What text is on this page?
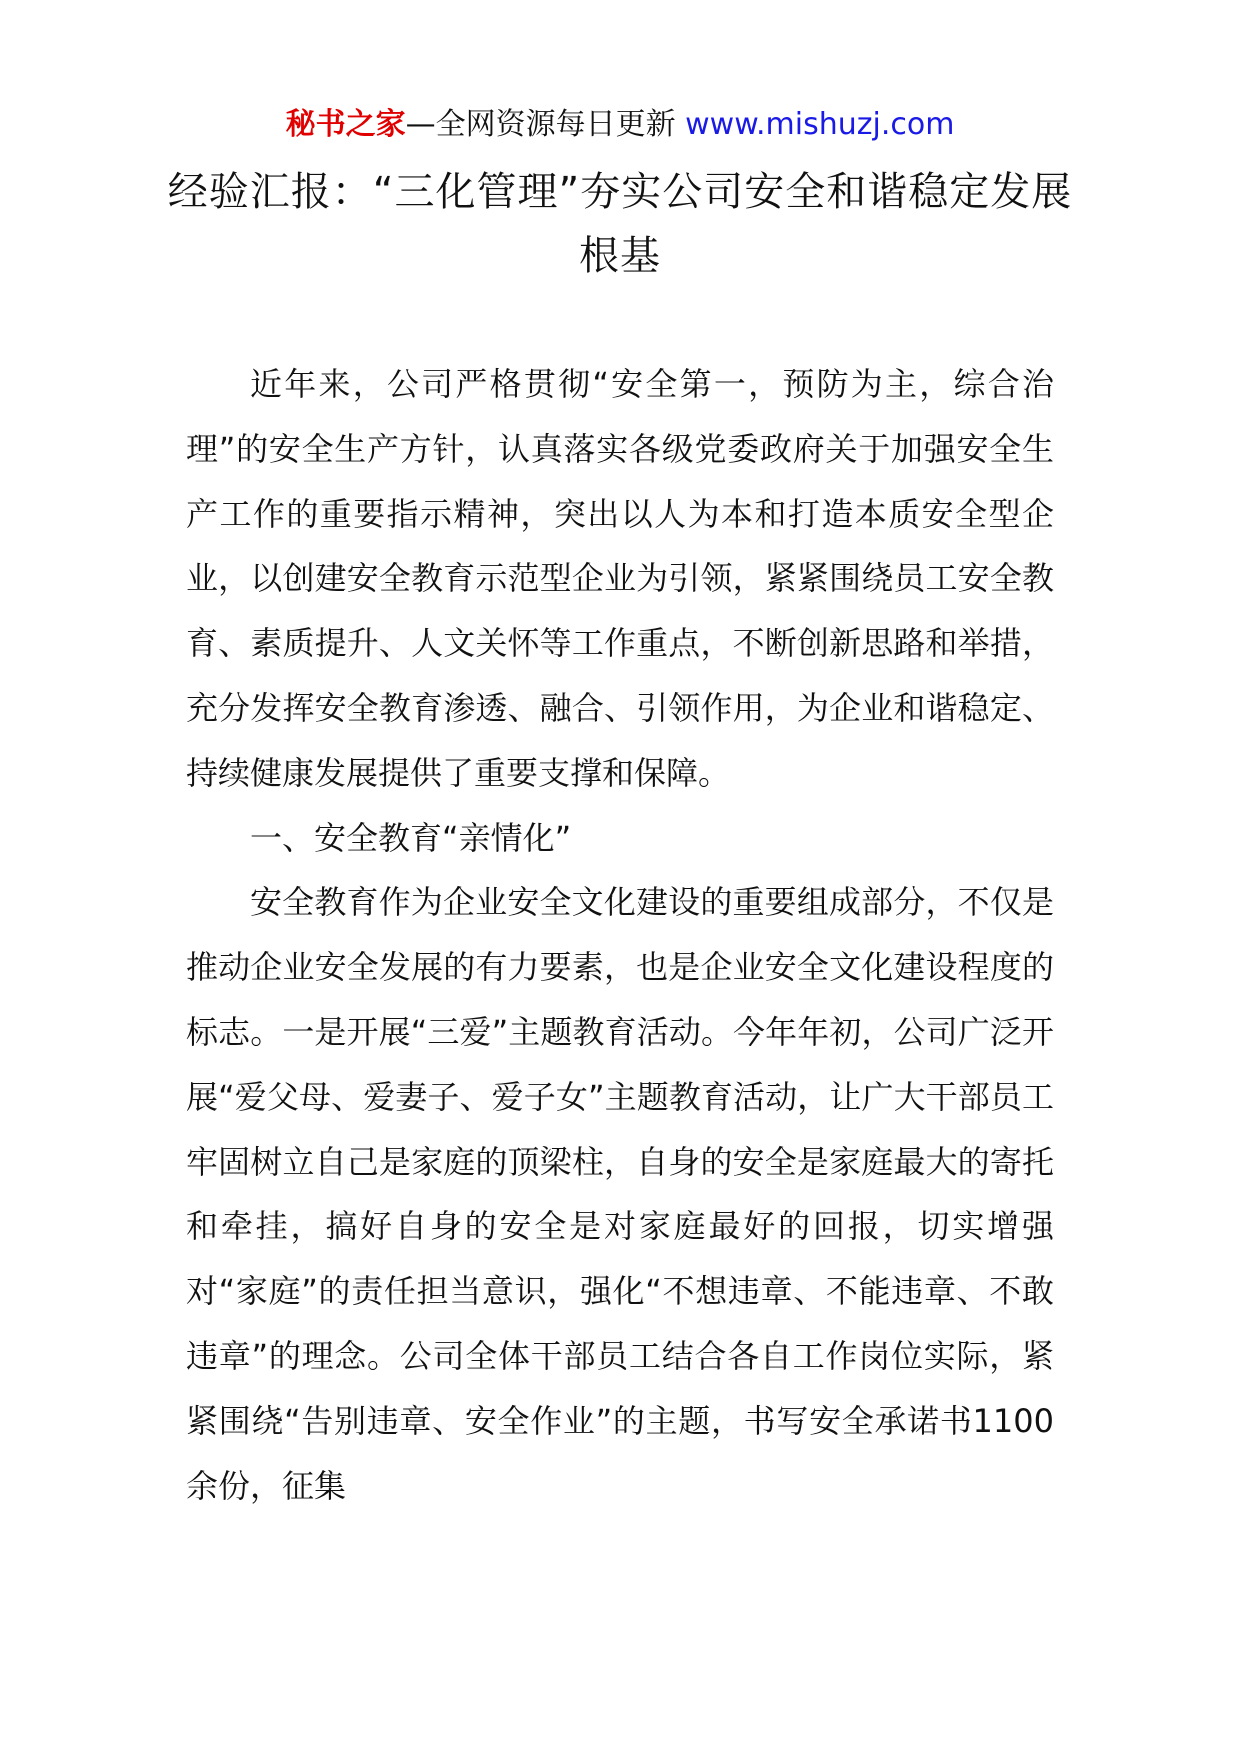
秘书之家—全网资源每日更新 www.mishuzj.com
经验汇报：“三化管理”夯实公司安全和谐稳定发展根基

近年来，公司严格贯彻“安全第一，预防为主，综合治理”的安全生产方针，认真落实各级党委政府关于加强安全生产工作的重要指示精神，突出以人为本和打造本质安全型企业，以创建安全教育示范型企业为引领，紧紧围绕员工安全教育、素质提升、人文关怀等工作重点，不断创新思路和举措，充分发挥安全教育渗透、融合、引领作用，为企业和谐稳定、持续健康发展提供了重要支撑和保障。

一、安全教育“亲情化”

安全教育作为企业安全文化建设的重要组成部分，不仅是推动企业安全发展的有力要素，也是企业安全文化建设程度的标志。一是开展“三爱”主题教育活动。今年年初，公司广泛开展“爱父母、爱妻子、爱子女”主题教育活动，让广大干部员工牢固树立自己是家庭的顶梁柱，自身的安全是家庭最大的寄托和牵挂，搞好自身的安全是对家庭最好的回报，切实增强对“家庭”的责任担当意识，强化“不想违章、不能违章、不敢违章”的理念。公司全体干部员工结合各自工作岗位实际，紧紧围绕“告别违章、安全作业”的主题，书写安全承诺书1100余份，征集
